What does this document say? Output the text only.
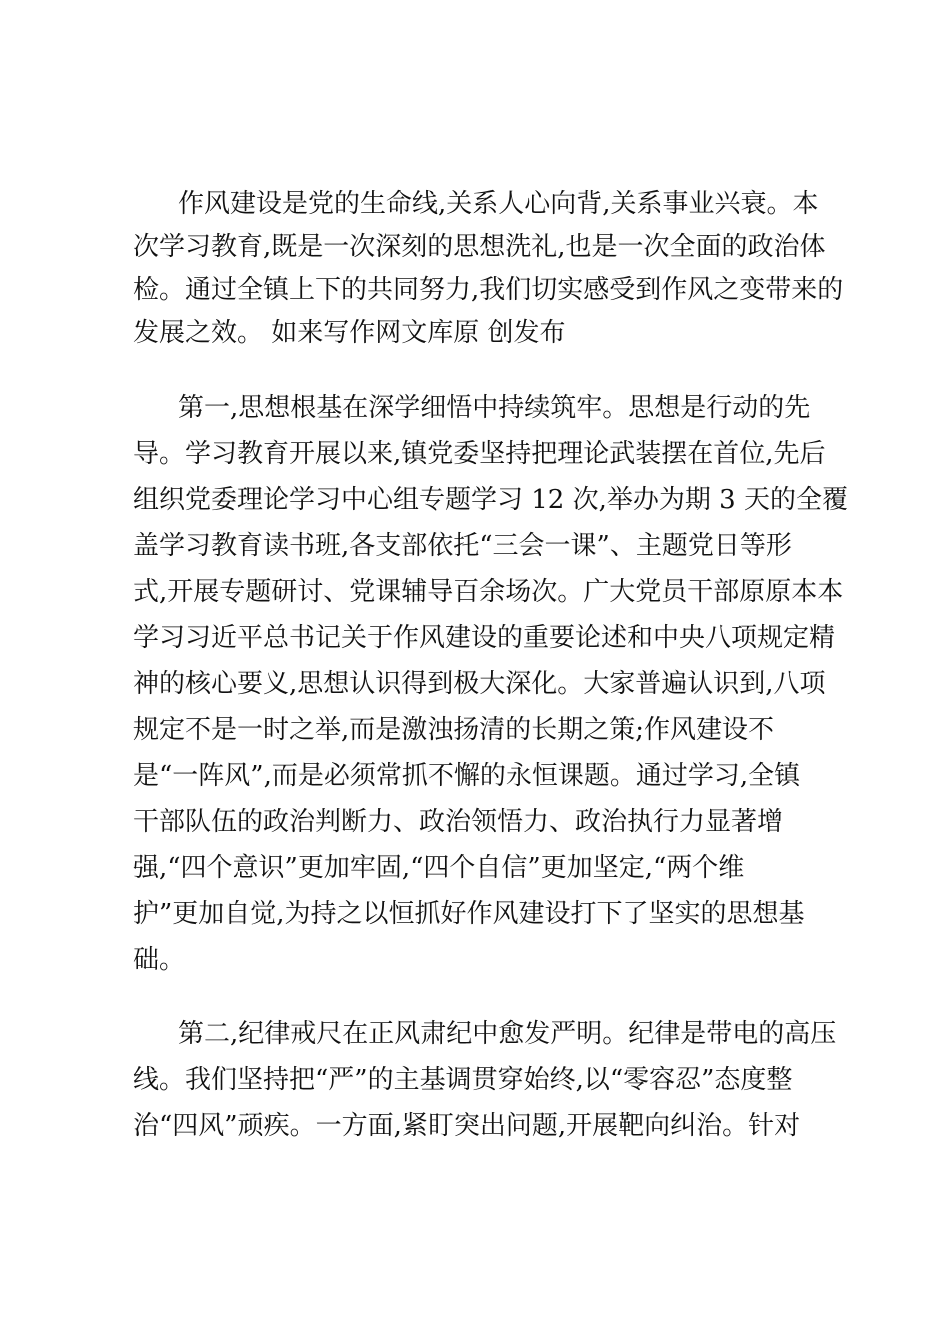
作风建设是党的生命线,关系人心向背,关系事业兴衰。本
次学习教育,既是一次深刻的思想洗礼,也是一次全面的政治体
检。通过全镇上下的共同努力,我们切实感受到作风之变带来的
发展之效。 如来写作网文库原 创发布
第一,思想根基在深学细悟中持续筑牢。思想是行动的先
导。学习教育开展以来,镇党委坚持把理论武装摆在首位,先后
组织党委理论学习中心组专题学习 12 次,举办为期 3 天的全覆
盖学习教育读书班,各支部依托“三会一课”、主题党日等形
式,开展专题研讨、党课辅导百余场次。广大党员干部原原本本
学习习近平总书记关于作风建设的重要论述和中央八项规定精
神的核心要义,思想认识得到极大深化。大家普遍认识到,八项
规定不是一时之举,而是激浊扬清的长期之策;作风建设不
是“一阵风”,而是必须常抓不懈的永恒课题。通过学习,全镇
干部队伍的政治判断力、政治领悟力、政治执行力显著增
强,“四个意识”更加牢固,“四个自信”更加坚定,“两个维
护”更加自觉,为持之以恒抓好作风建设打下了坚实的思想基
础。
第二,纪律戒尺在正风肃纪中愈发严明。纪律是带电的高压
线。我们坚持把“严”的主基调贯穿始终,以“零容忍”态度整
治“四风”顽疾。一方面,紧盯突出问题,开展靶向纠治。针对
